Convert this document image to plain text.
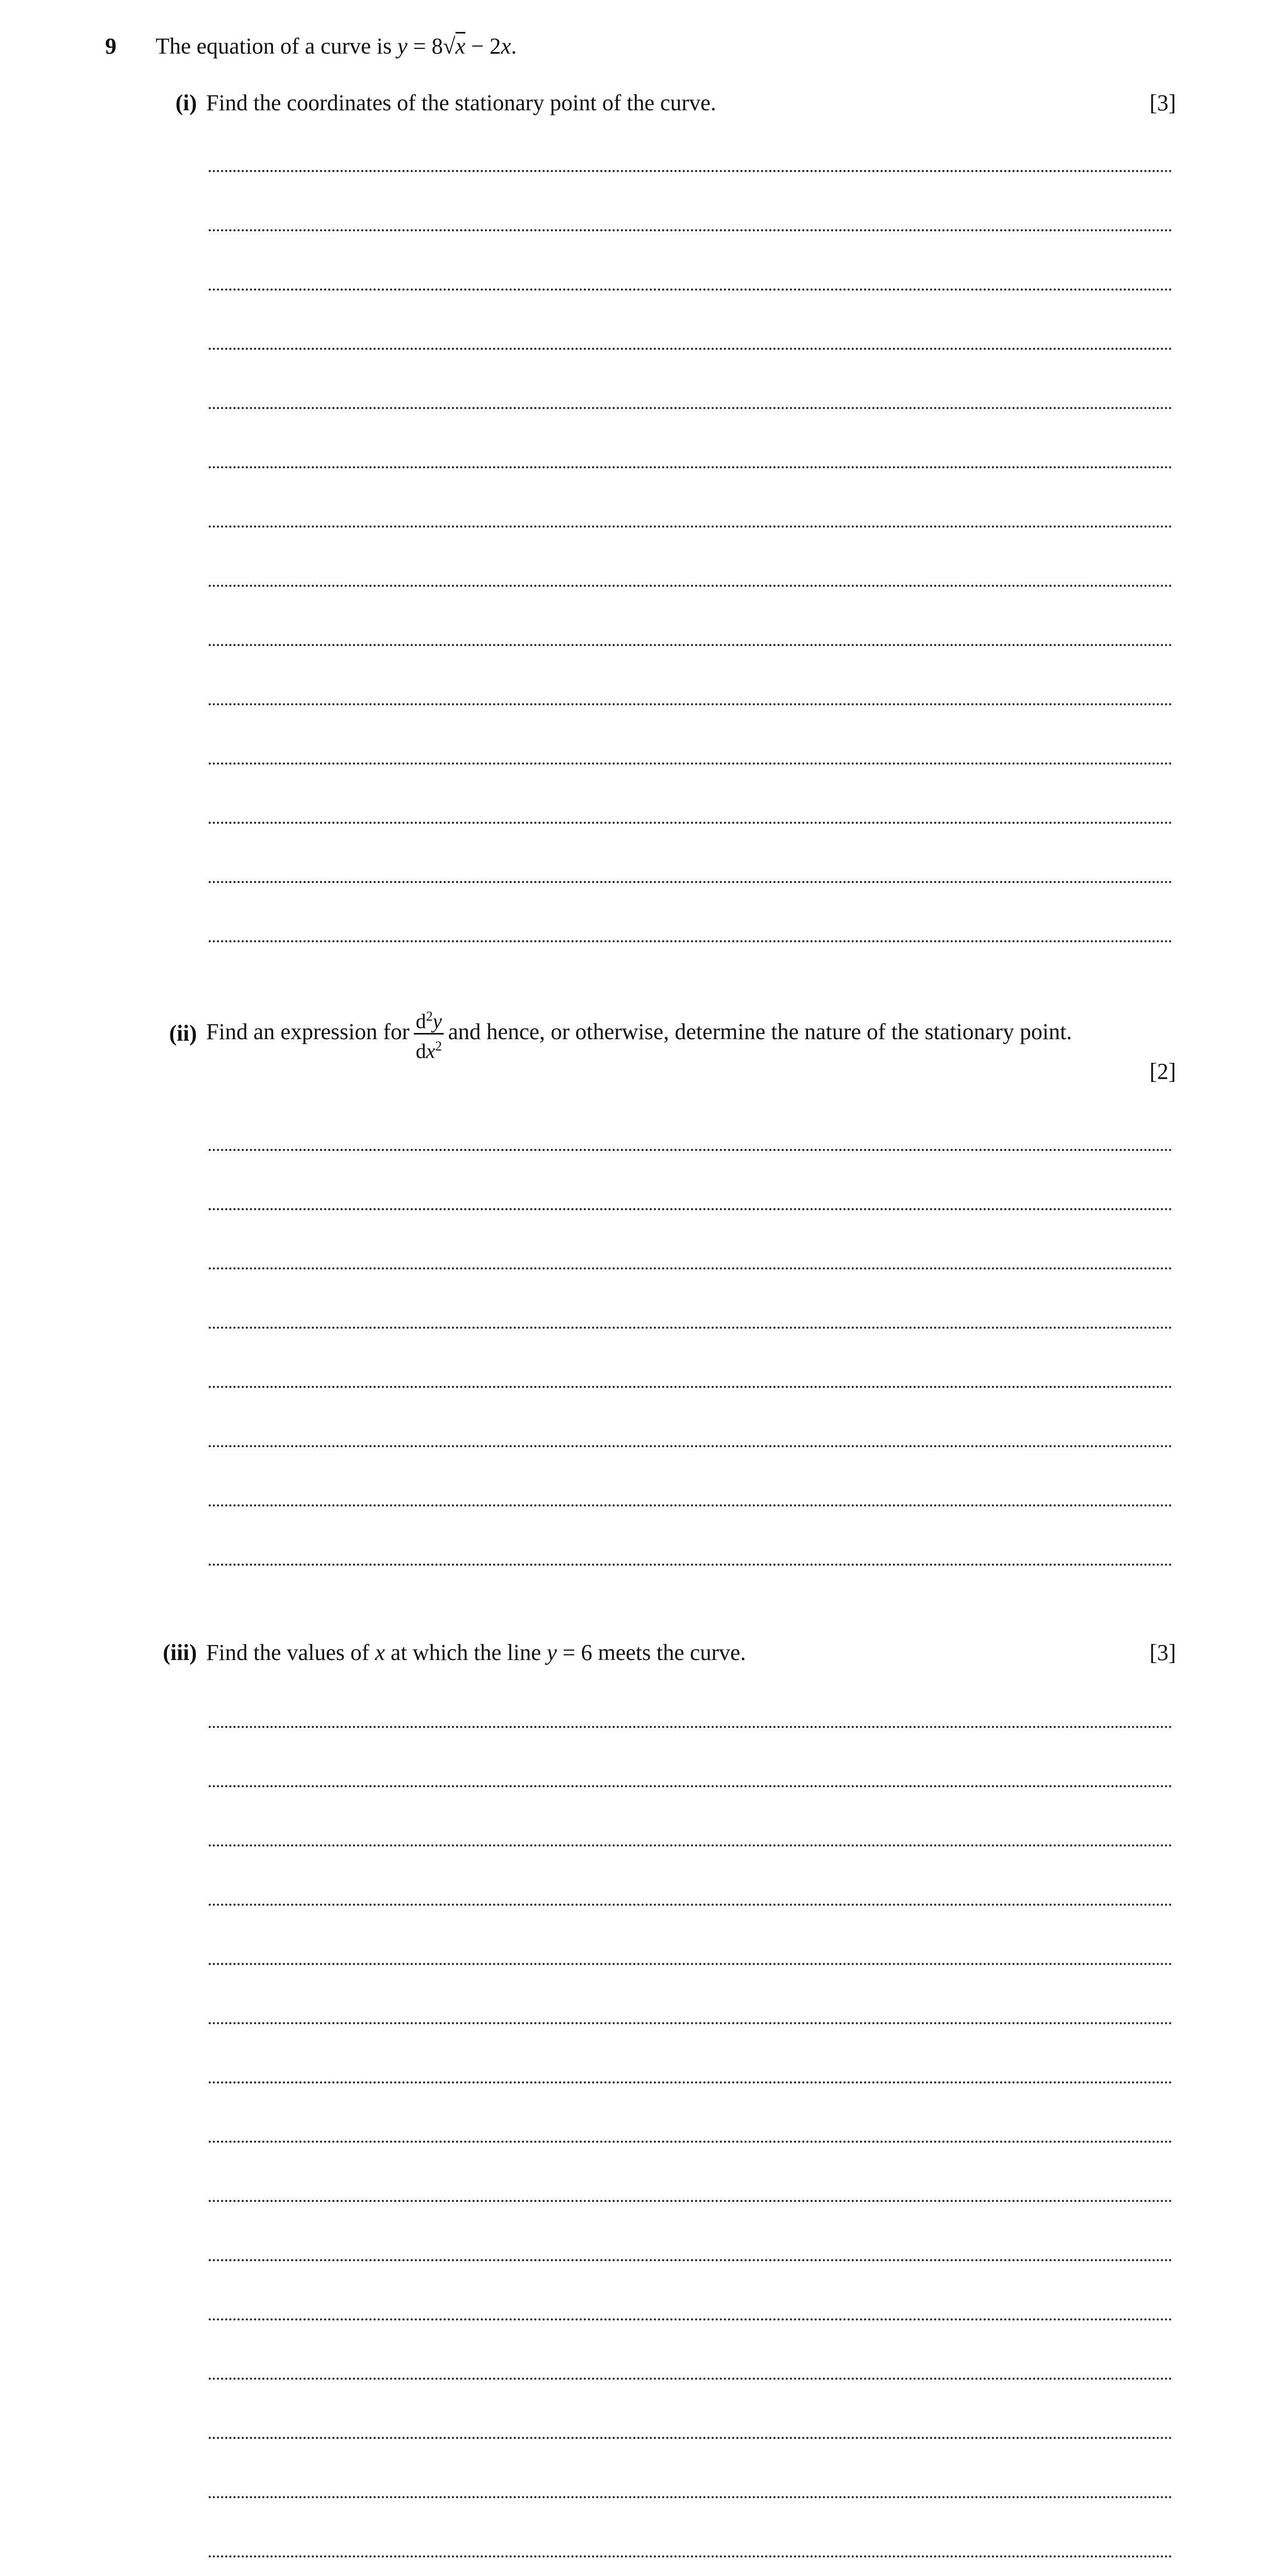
9 The equation of a curve is y = 8√x − 2x.
(i) Find the coordinates of the stationary point of the curve.	[3]
(ii) Find an expression for $\frac{d^2y}{dx^2}$ and hence, or otherwise, determine the nature of the stationary point.
[2]
(iii) Find the values of x at which the line y = 6 meets the curve.	[3]
